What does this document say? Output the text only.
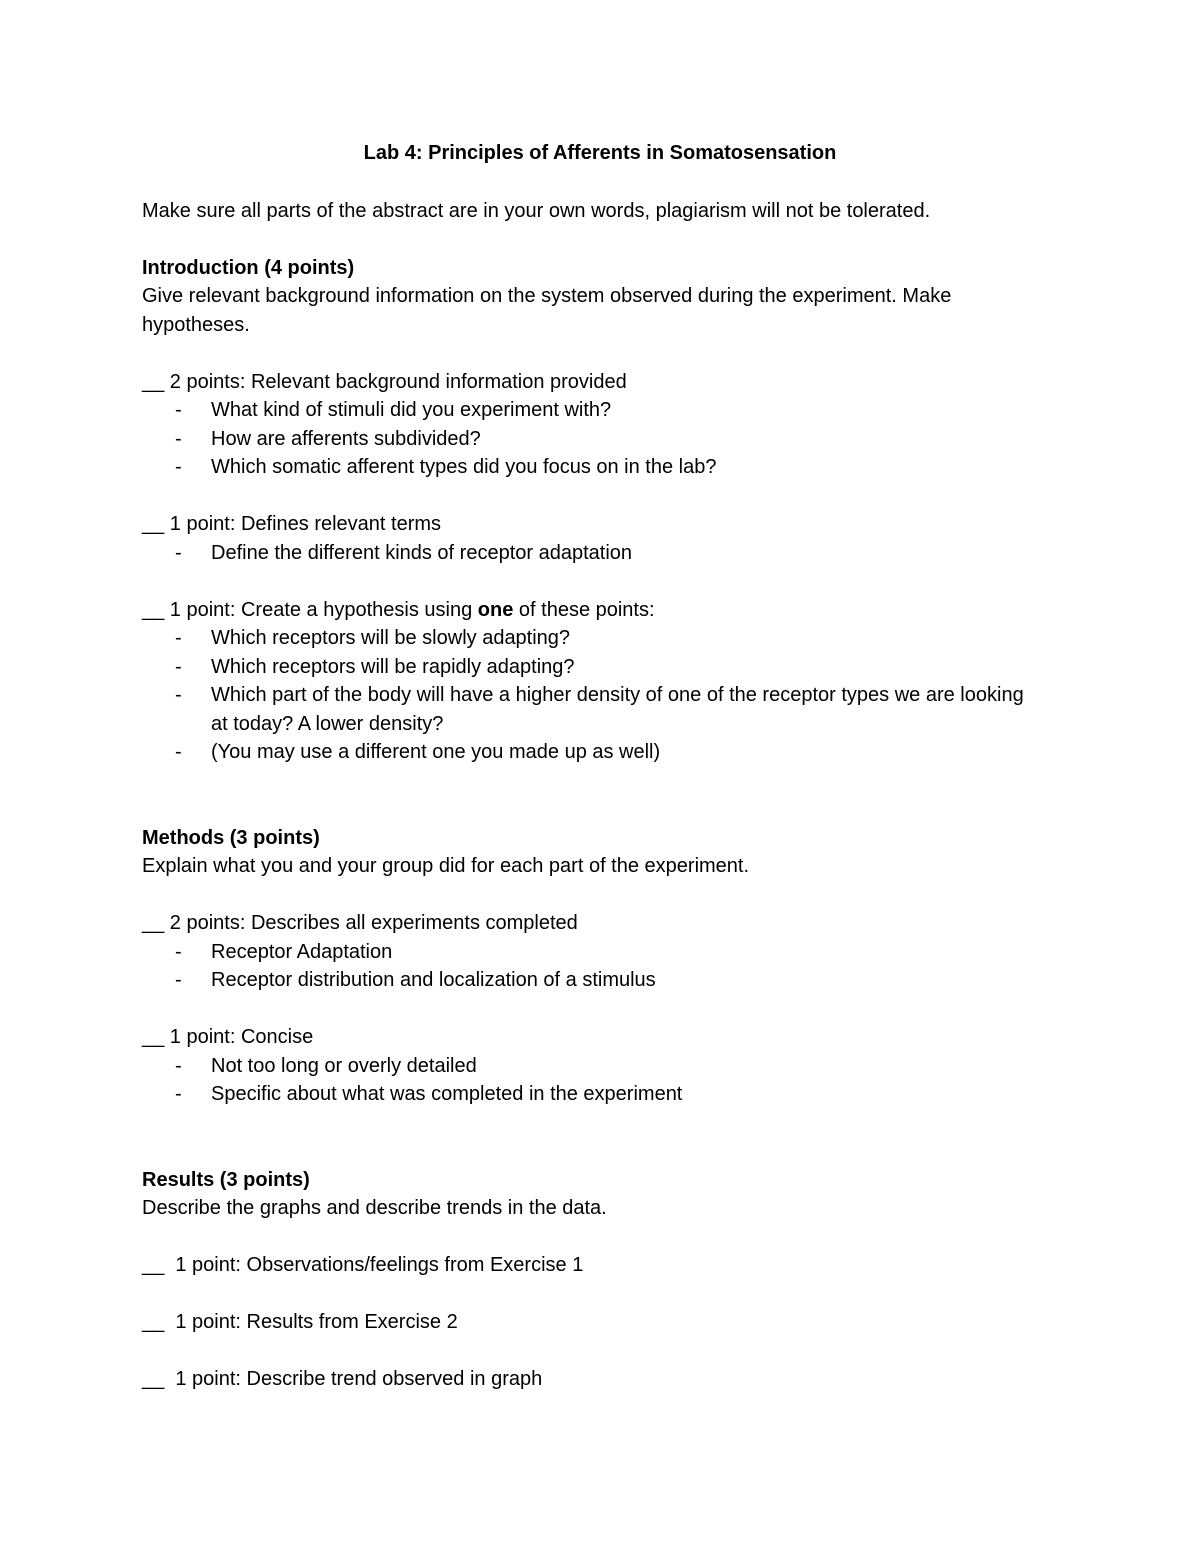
Lab 4: Principles of Afferents in Somatosensation

Make sure all parts of the abstract are in your own words, plagiarism will not be tolerated.

Introduction (4 points)

Give relevant background information on the system observed during the experiment. Make hypotheses.

__ 2 points: Relevant background information provided

- What kind of stimuli did you experiment with?
- How are afferents subdivided?
- Which somatic afferent types did you focus on in the lab?

__ 1 point: Defines relevant terms

- Define the different kinds of receptor adaptation

__ 1 point: Create a hypothesis using one of these points:

- Which receptors will be slowly adapting?
- Which receptors will be rapidly adapting?
- Which part of the body will have a higher density of one of the receptor types we are looking at today? A lower density?
- (You may use a different one you made up as well)

Methods (3 points)

Explain what you and your group did for each part of the experiment.

__ 2 points: Describes all experiments completed

- Receptor Adaptation
- Receptor distribution and localization of a stimulus

__ 1 point: Concise

- Not too long or overly detailed
- Specific about what was completed in the experiment

Results (3 points)

Describe the graphs and describe trends in the data.

__  1 point: Observations/feelings from Exercise 1

__  1 point: Results from Exercise 2

__  1 point: Describe trend observed in graph
